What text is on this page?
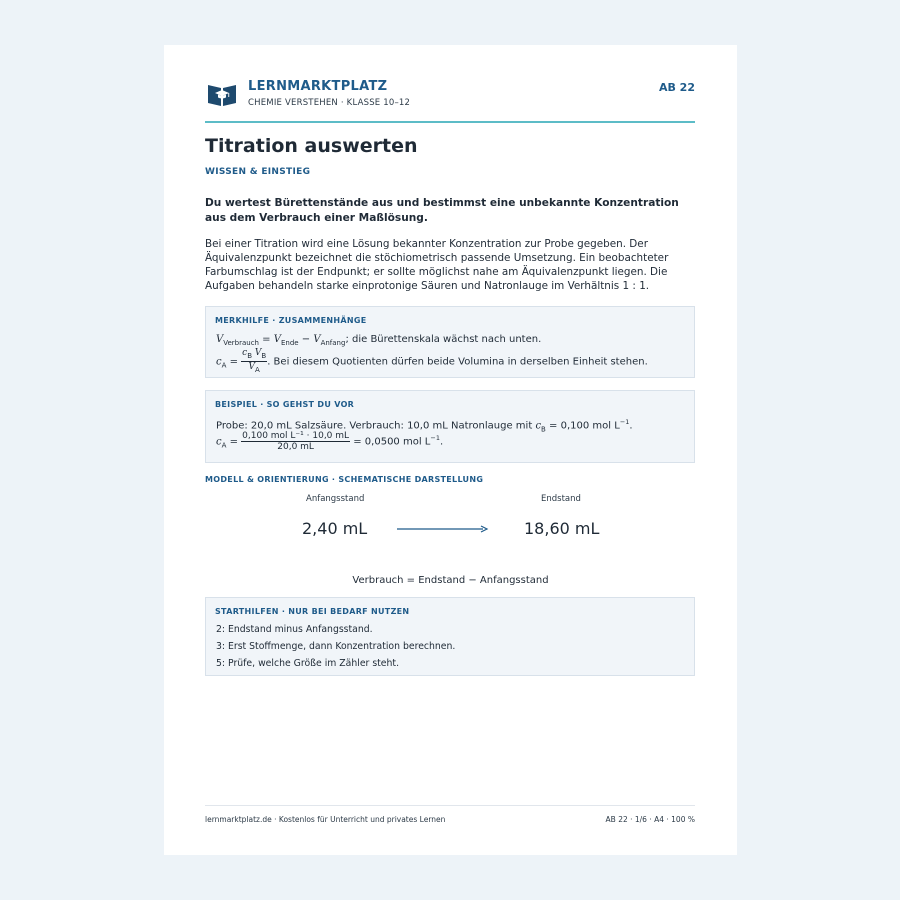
LERNMARKTPLATZ
CHEMIE VERSTEHEN · KLASSE 10–12
AB 22
Titration auswerten
WISSEN & EINSTIEG
Du wertest Bürettenstände aus und bestimmst eine unbekannte Konzentration aus dem Verbrauch einer Maßlösung.
Bei einer Titration wird eine Lösung bekannter Konzentration zur Probe gegeben. Der Äquivalenzpunkt bezeichnet die stöchiometrisch passende Umsetzung. Ein beobachteter Farbumschlag ist der Endpunkt; er sollte möglichst nahe am Äquivalenzpunkt liegen. Die Aufgaben behandeln starke einprotonige Säuren und Natronlauge im Verhältnis 1 : 1.
MERKHILFE · ZUSAMMENHÄNGE
$V_{Verbrauch} = V_{Ende} - V_{Anfang}$; die Bürettenskala wächst nach unten.
$c_A = \frac{c_B V_B}{V_A}$ . Bei diesem Quotienten dürfen beide Volumina in derselben Einheit stehen.
BEISPIEL · SO GEHST DU VOR
Probe: 20,0 mL Salzsäure. Verbrauch: 10,0 mL Natronlauge mit $c_B = 0,100$ mol $L^{-1}$.
$c_A = \frac{\text{0,100 mol L⁻¹ · 10,0 mL}}{20,0 mL} = 0,0500$ mol $L^{-1}$.
MODELL & ORIENTIERUNG · SCHEMATISCHE DARSTELLUNG
Anfangsstand
2,40 mL
Endstand
18,60 mL
Verbrauch = Endstand − Anfangsstand
STARTHILFEN · NUR BEI BEDARF NUTZEN
2: Endstand minus Anfangsstand.
3: Erst Stoffmenge, dann Konzentration berechnen.
5: Prüfe, welche Größe im Zähler steht.
lernmarktplatz.de · Kostenlos für Unterricht und privates Lernen	AB 22 · 1/6 · A4 · 100 %
